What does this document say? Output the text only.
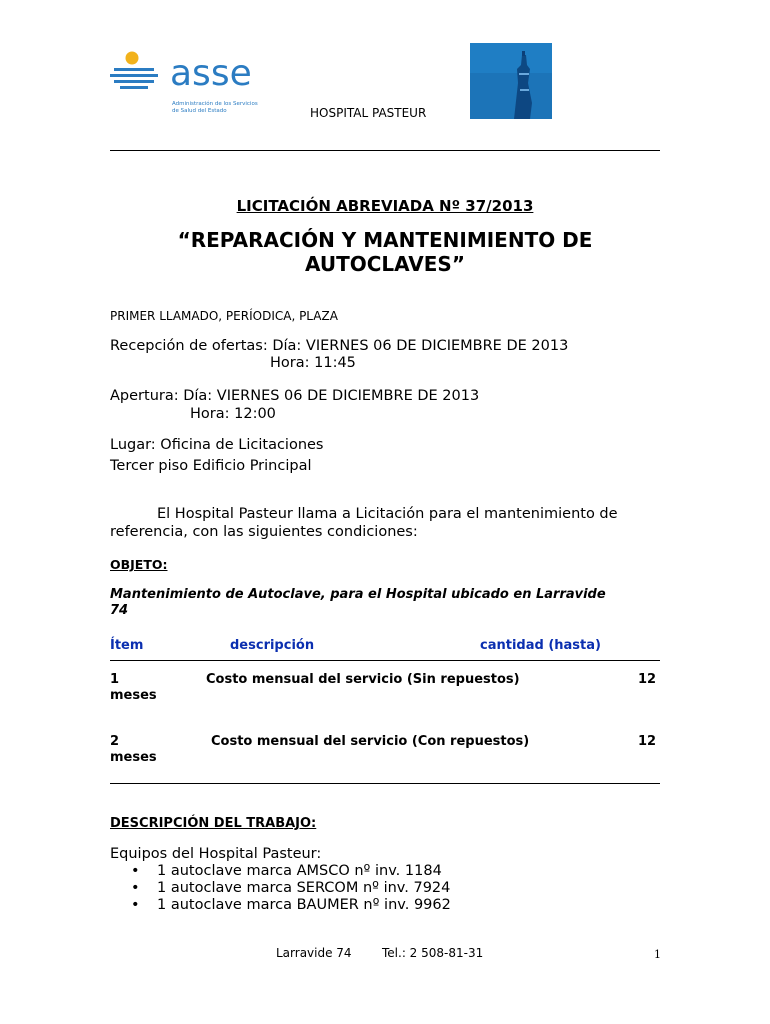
asse
Administración de los Servicios
de Salud del Estado	HOSPITAL PASTEUR
LICITACIÓN ABREVIADA Nº 37/2013
“REPARACIÓN Y MANTENIMIENTO DE
AUTOCLAVES”
PRIMER LLAMADO, PERÍODICA, PLAZA
Recepción de ofertas: Día: VIERNES 06 DE DICIEMBRE DE 2013
Hora: 11:45
Apertura: Día: VIERNES 06 DE DICIEMBRE DE 2013
Hora: 12:00
Lugar: Oficina de Licitaciones
Tercer piso Edificio Principal
El Hospital Pasteur llama a Licitación para el mantenimiento de
referencia, con las siguientes condiciones:
OBJETO:
Mantenimiento de Autoclave, para el Hospital ubicado en Larravide
74
Ítem	descripción	cantidad (hasta)
1	Costo mensual del servicio (Sin repuestos)	12
meses
2	Costo mensual del servicio (Con repuestos)	12
meses
DESCRIPCIÓN DEL TRABAJO:
Equipos del Hospital Pasteur:
• 1 autoclave marca AMSCO nº inv. 1184
• 1 autoclave marca SERCOM nº inv. 7924
• 1 autoclave marca BAUMER nº inv. 9962
Larravide 74	Tel.: 2 508-81-31	1
